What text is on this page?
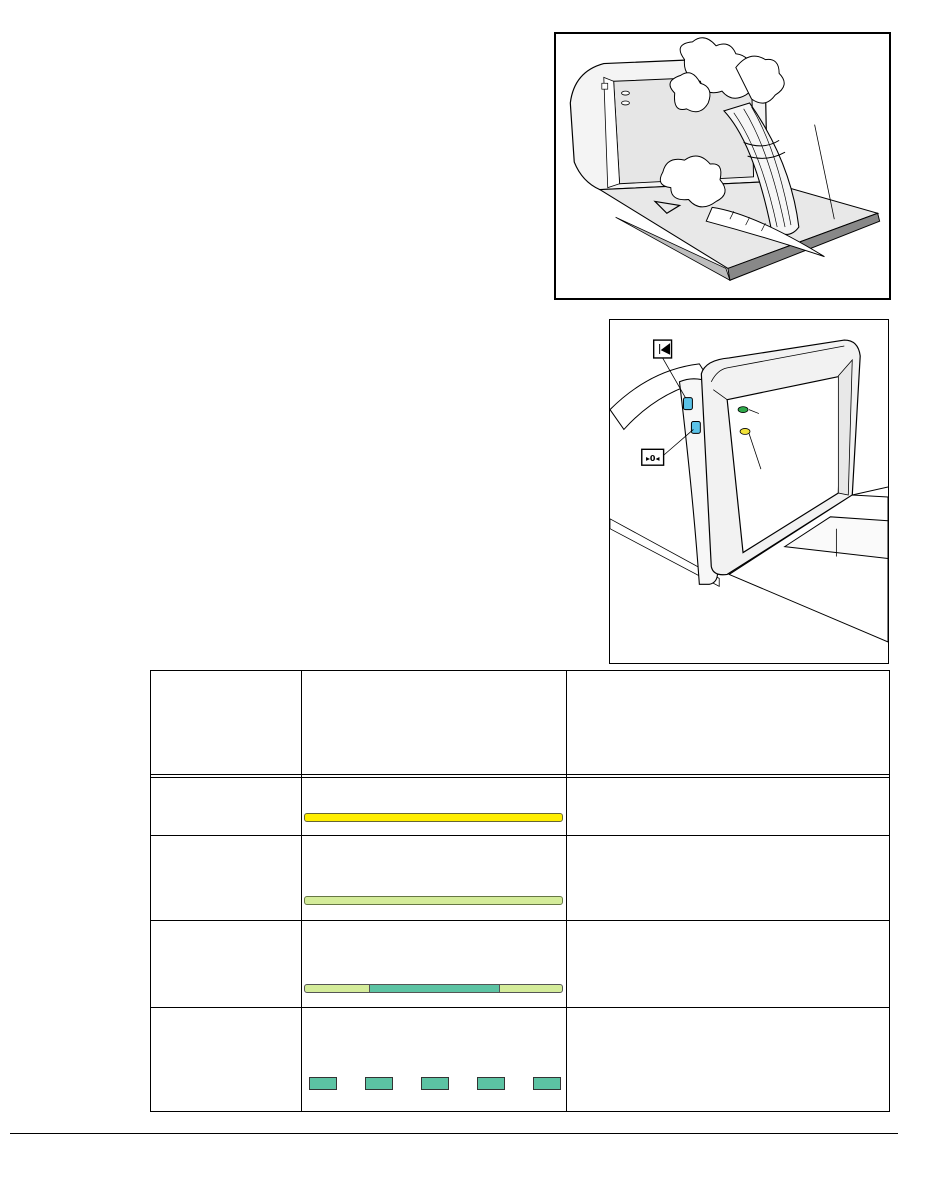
▸0◂
